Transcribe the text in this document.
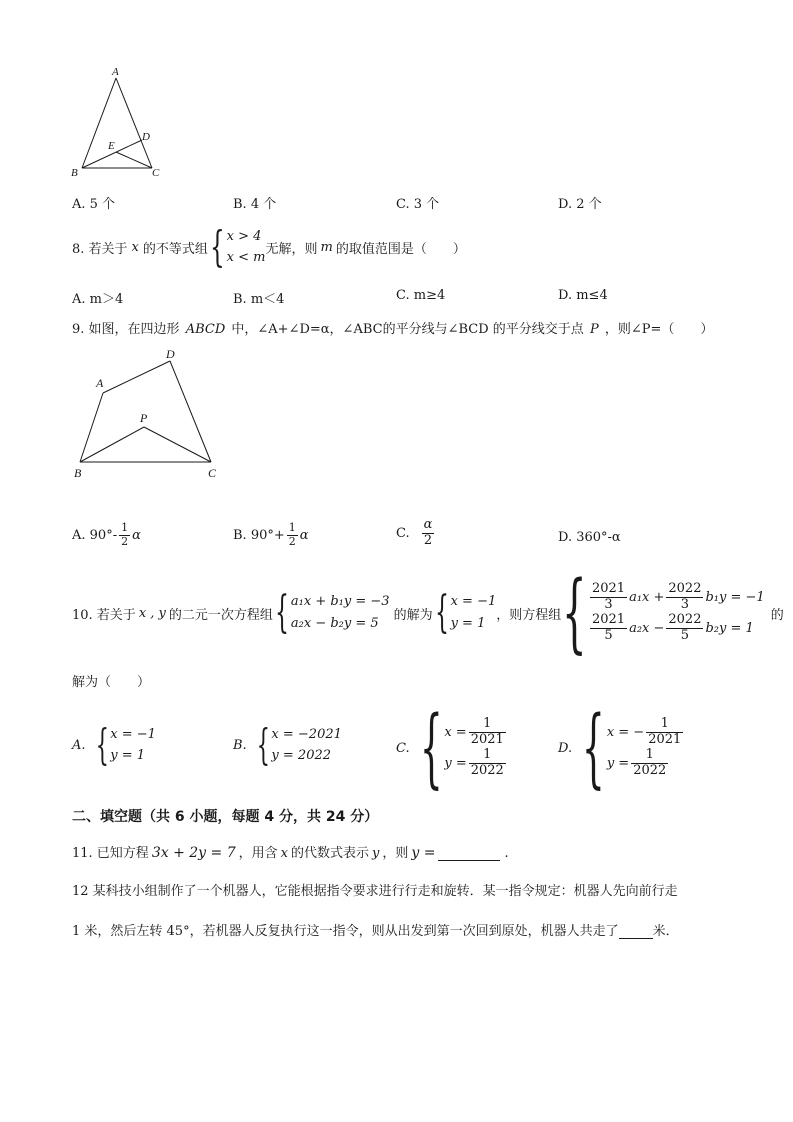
A
B	C
D
E
A. 5 个	B. 4 个	C. 3 个	D. 2 个
8. 若关于 x 的不等式组 { x > 4
x < m
无解，则 m 的取值范围是（　　）
A. m＞4	B. m＜4	C. m≥4	D. m≤4
9. 如图，在四边形 ABCD 中，∠A+∠D=α，∠ABC的平分线与∠BCD 的平分线交于点 P ，则∠P=（　　）
A
D
P
B	C
A. $90^\circ- \frac{1}{2}$ α	B. $90^\circ+ \frac{1}{2}$ α	C. $\frac{\alpha}{2}$	D. 360°-α
10. 若关于 x , y 的二元一次方程组 { a₁x + b₁y = −3
a₂x − b₂y = 5
的解为 { x = −1
y = 1
，则方程组 { $\frac{2021}{3} a_1x + \frac{2022}{3} b_1y = -1$
$\frac{2021}{5} a_2x - \frac{2022}{5} b_2y = 1$
的
解为（　　）
A. { x = −1
y = 1
B. { x = −2021
y = 2022	C. { $x = \frac{1}{2021}$
$y = \frac{1}{2022}$	D. { x = − $\frac{1}{2021}$
$y = \frac{1}{2022}$
二、填空题（共 6 小题，每题 4 分，共 24 分）
11. 已知方程 3x + 2y = 7 ，用含 x 的代数式表示 y ，则 y =	.
12 某科技小组制作了一个机器人，它能根据指令要求进行行走和旋转．某一指令规定：机器人先向前行走
1 米，然后左转 45°，若机器人反复执行这一指令，则从出发到第一次回到原处，机器人共走了	米．
